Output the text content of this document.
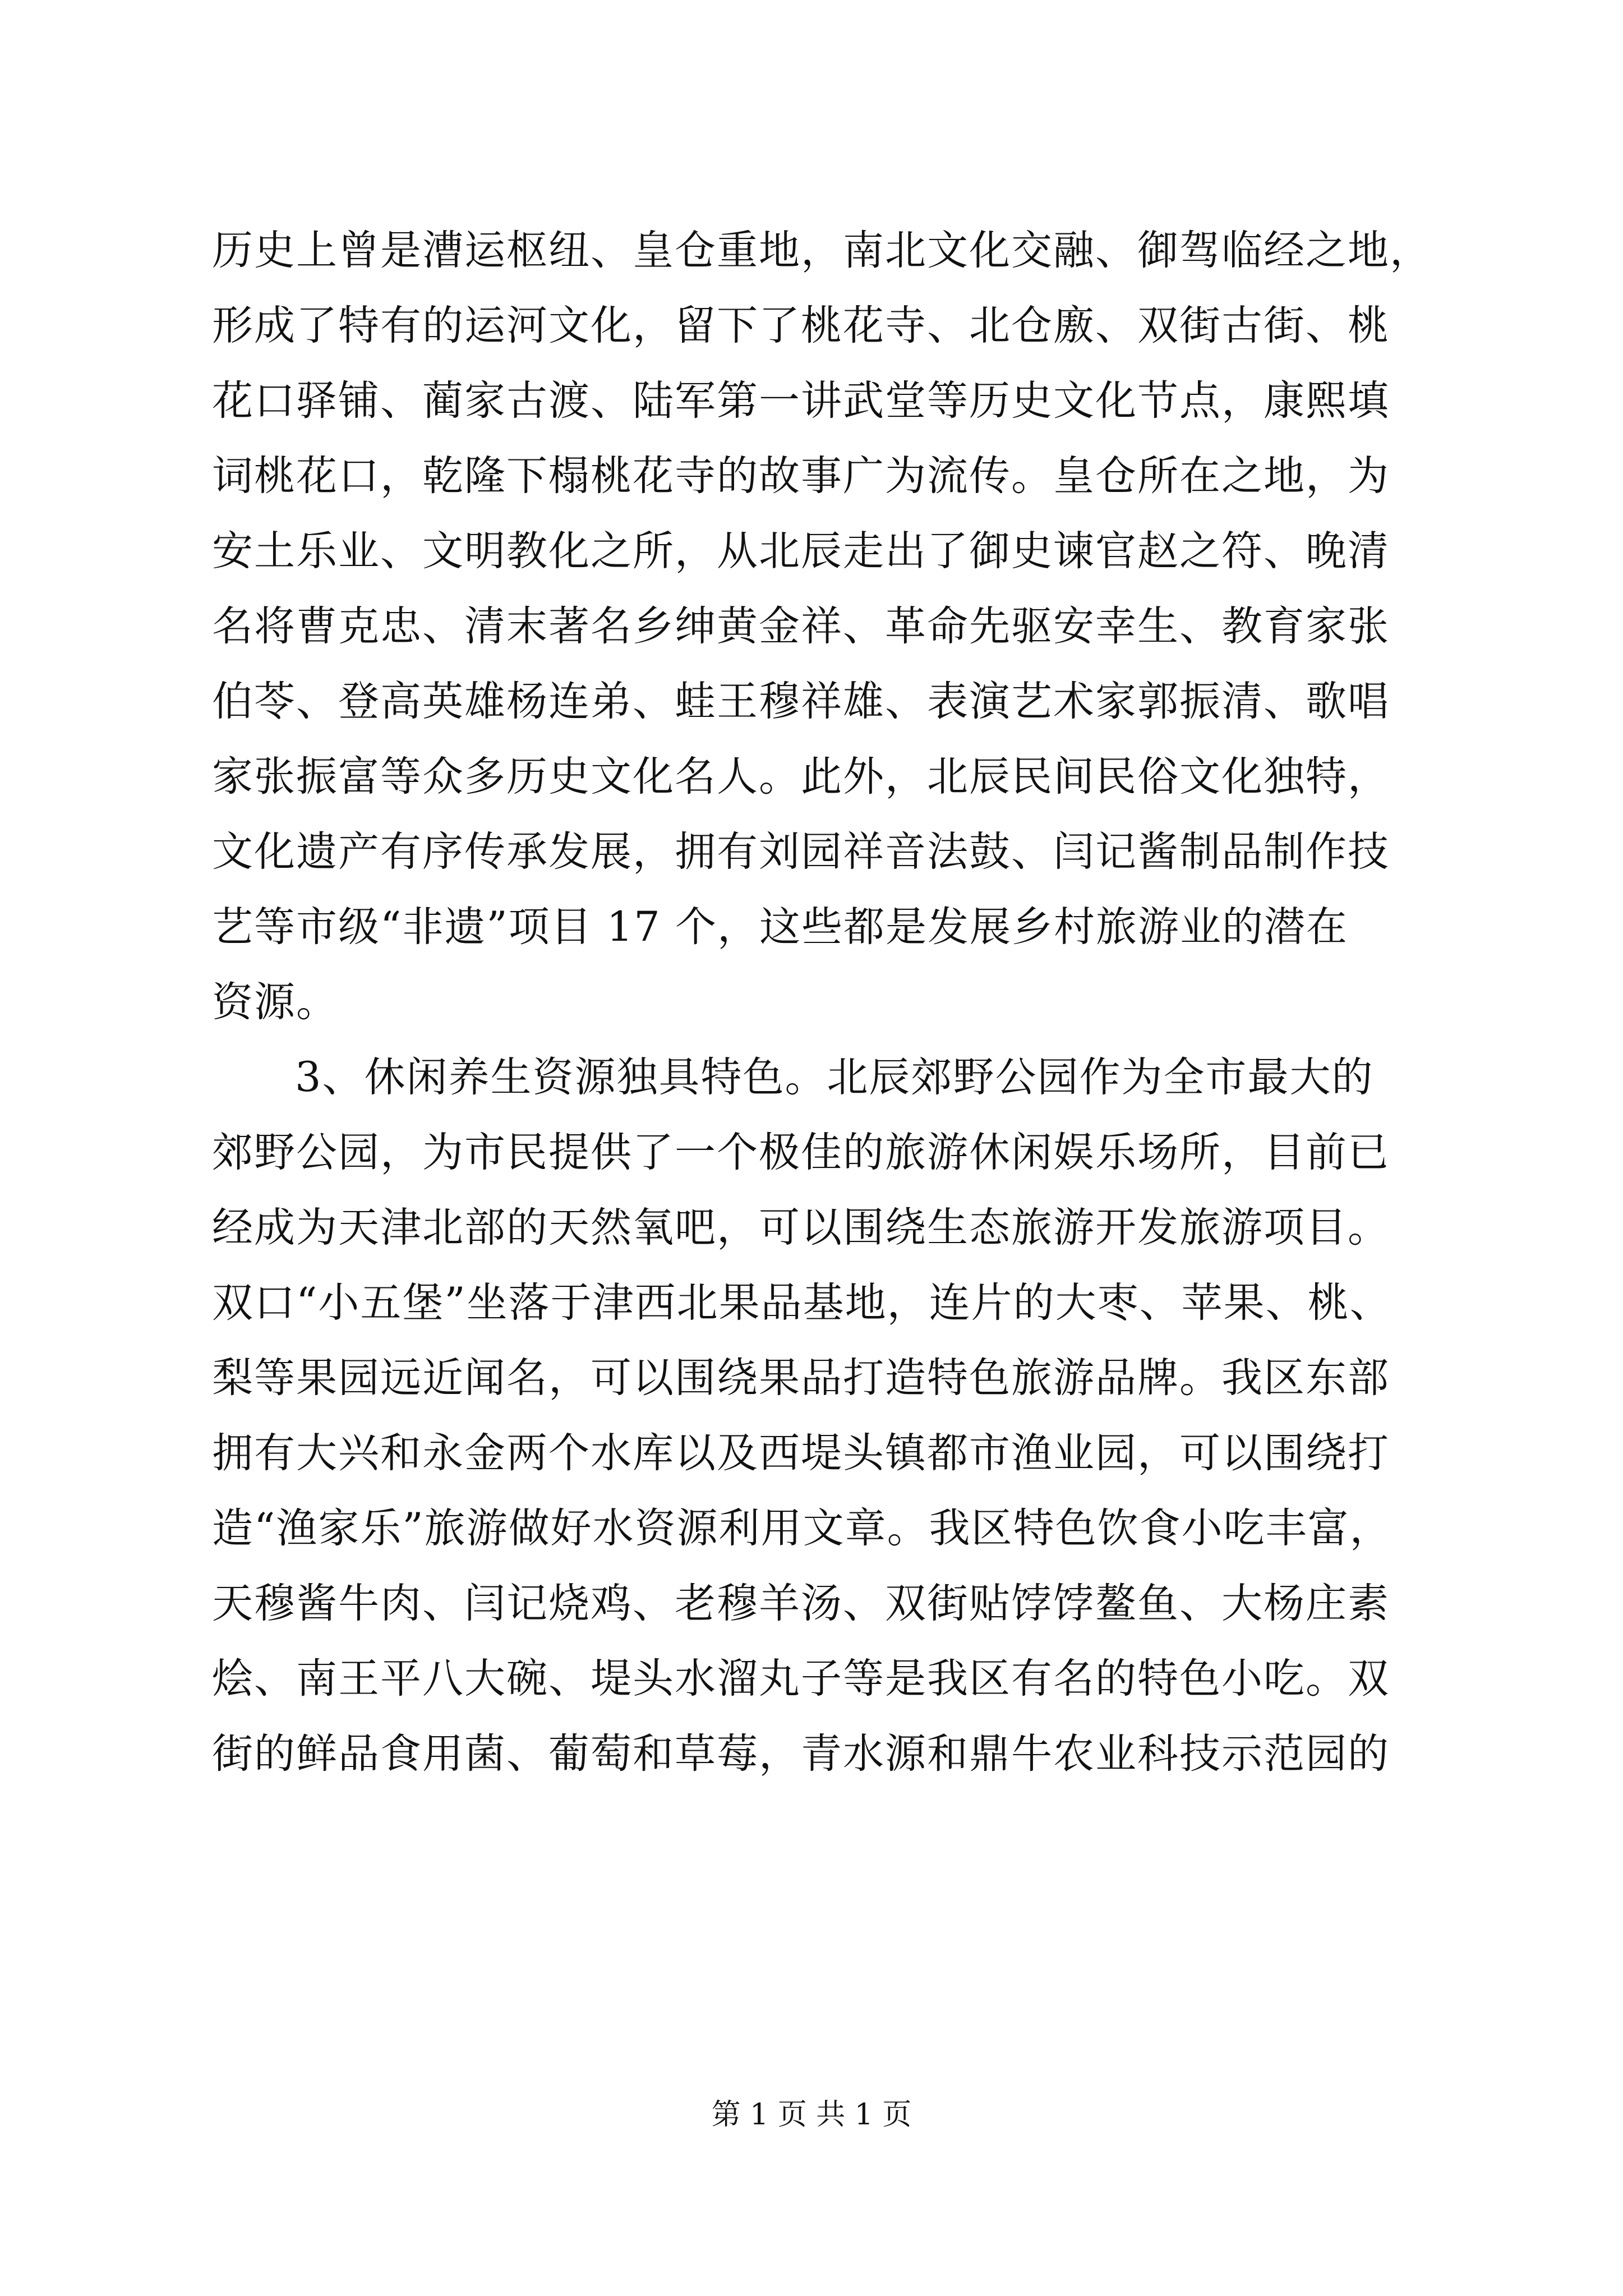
历史上曾是漕运枢纽、皇仓重地，南北文化交融、御驾临经之地，
形成了特有的运河文化，留下了桃花寺、北仓廒、双街古街、桃
花口驿铺、蔺家古渡、陆军第一讲武堂等历史文化节点，康熙填
词桃花口，乾隆下榻桃花寺的故事广为流传。皇仓所在之地，为
安土乐业、文明教化之所，从北辰走出了御史谏官赵之符、晚清
名将曹克忠、清末著名乡绅黄金祥、革命先驱安幸生、教育家张
伯苓、登高英雄杨连弟、蛙王穆祥雄、表演艺术家郭振清、歌唱
家张振富等众多历史文化名人。此外，北辰民间民俗文化独特，
文化遗产有序传承发展，拥有刘园祥音法鼓、闫记酱制品制作技
艺等市级“非遗”项目 17 个，这些都是发展乡村旅游业的潜在
资源。
3、休闲养生资源独具特色。北辰郊野公园作为全市最大的
郊野公园，为市民提供了一个极佳的旅游休闲娱乐场所，目前已
经成为天津北部的天然氧吧，可以围绕生态旅游开发旅游项目。
双口“小五堡”坐落于津西北果品基地，连片的大枣、苹果、桃、
梨等果园远近闻名，可以围绕果品打造特色旅游品牌。我区东部
拥有大兴和永金两个水库以及西堤头镇都市渔业园，可以围绕打
造“渔家乐”旅游做好水资源利用文章。我区特色饮食小吃丰富，
天穆酱牛肉、闫记烧鸡、老穆羊汤、双街贴饽饽鳌鱼、大杨庄素
烩、南王平八大碗、堤头水溜丸子等是我区有名的特色小吃。双
街的鲜品食用菌、葡萄和草莓，青水源和鼎牛农业科技示范园的
第 1 页 共 1 页
